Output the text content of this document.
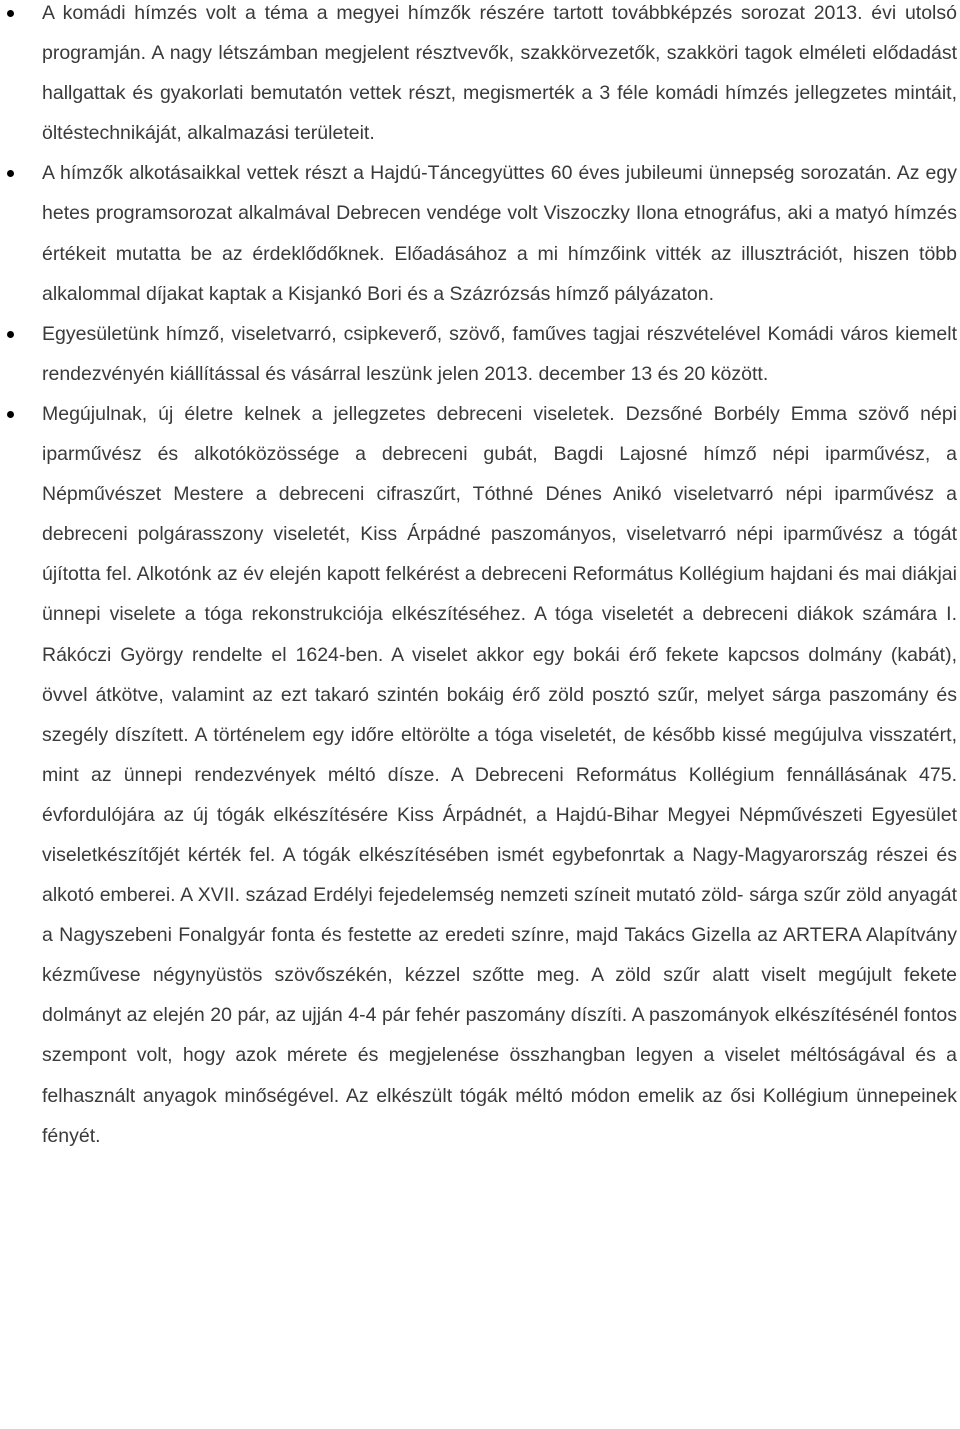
A komádi hímzés volt a téma a megyei hímzők részére tartott továbbképzés sorozat 2013. évi utolsó programján. A nagy létszámban megjelent résztvevők, szakkörvezetők, szakköri tagok elméleti elődadást hallgattak és gyakorlati bemutatón vettek részt, megismerték a 3 féle komádi hímzés jellegzetes mintáit, öltéstechnikáját, alkalmazási területeit.
A hímzők alkotásaikkal vettek részt a Hajdú-Táncegyüttes 60 éves jubileumi ünnepség sorozatán. Az egy hetes programsorozat alkalmával Debrecen vendége volt Viszoczky Ilona etnográfus, aki a matyó hímzés értékeit mutatta be az érdeklődőknek. Előadásához a mi hímzőink vitték az illusztrációt, hiszen több alkalommal díjakat kaptak a Kisjankó Bori és a Százrózsás hímző pályázaton.
Egyesületünk hímző, viseletvarró, csipkeverő, szövő, faműves tagjai részvételével Komádi város kiemelt rendezvényén kiállítással és vásárral leszünk jelen 2013. december 13 és 20 között.
Megújulnak, új életre kelnek a jellegzetes debreceni viseletek. Dezsőné Borbély Emma szövő népi iparművész és alkotóközössége a debreceni gubát, Bagdi Lajosné hímző népi iparművész, a Népművészet Mestere a debreceni cifraszűrt, Tóthné Dénes Anikó viseletvarró népi iparművész a debreceni polgárasszony viseletét, Kiss Árpádné paszományos, viseletvarró népi iparművész a tógát újította fel. Alkotónk az év elején kapott felkérést a debreceni Református Kollégium hajdani és mai diákjai ünnepi viselete a tóga rekonstrukciója elkészítéséhez. A tóga viseletét a debreceni diákok számára I. Rákóczi György rendelte el 1624-ben. A viselet akkor egy bokái érő fekete kapcsos dolmány (kabát), övvel átkötve, valamint az ezt takaró szintén bokáig érő zöld posztó szűr, melyet sárga paszomány és szegély díszített. A történelem egy időre eltörölte a tóga viseletét, de később kissé megújulva visszatért, mint az ünnepi rendezvények méltó dísze. A Debreceni Református Kollégium fennállásának 475. évfordulójára az új tógák elkészítésére Kiss Árpádnét, a Hajdú-Bihar Megyei Népművészeti Egyesület viseletkészítőjét kérték fel. A tógák elkészítésében ismét egybefonrtak a Nagy-Magyarország részei és alkotó emberei. A XVII. század Erdélyi fejedelemség nemzeti színeit mutató zöld- sárga szűr zöld anyagát a Nagyszebeni Fonalgyár fonta és festette az eredeti színre, majd Takács Gizella az ARTERA Alapítvány kézművese négynyüstös szövőszékén, kézzel szőtte meg. A zöld szűr alatt viselt megújult fekete dolmányt az elején 20 pár, az ujján 4-4 pár fehér paszomány díszíti. A paszományok elkészítésénél fontos szempont volt, hogy azok mérete és megjelenése összhangban legyen a viselet méltóságával és a felhasznált anyagok minőségével. Az elkészült tógák méltó módon emelik az ősi Kollégium ünnepeinek fényét.
